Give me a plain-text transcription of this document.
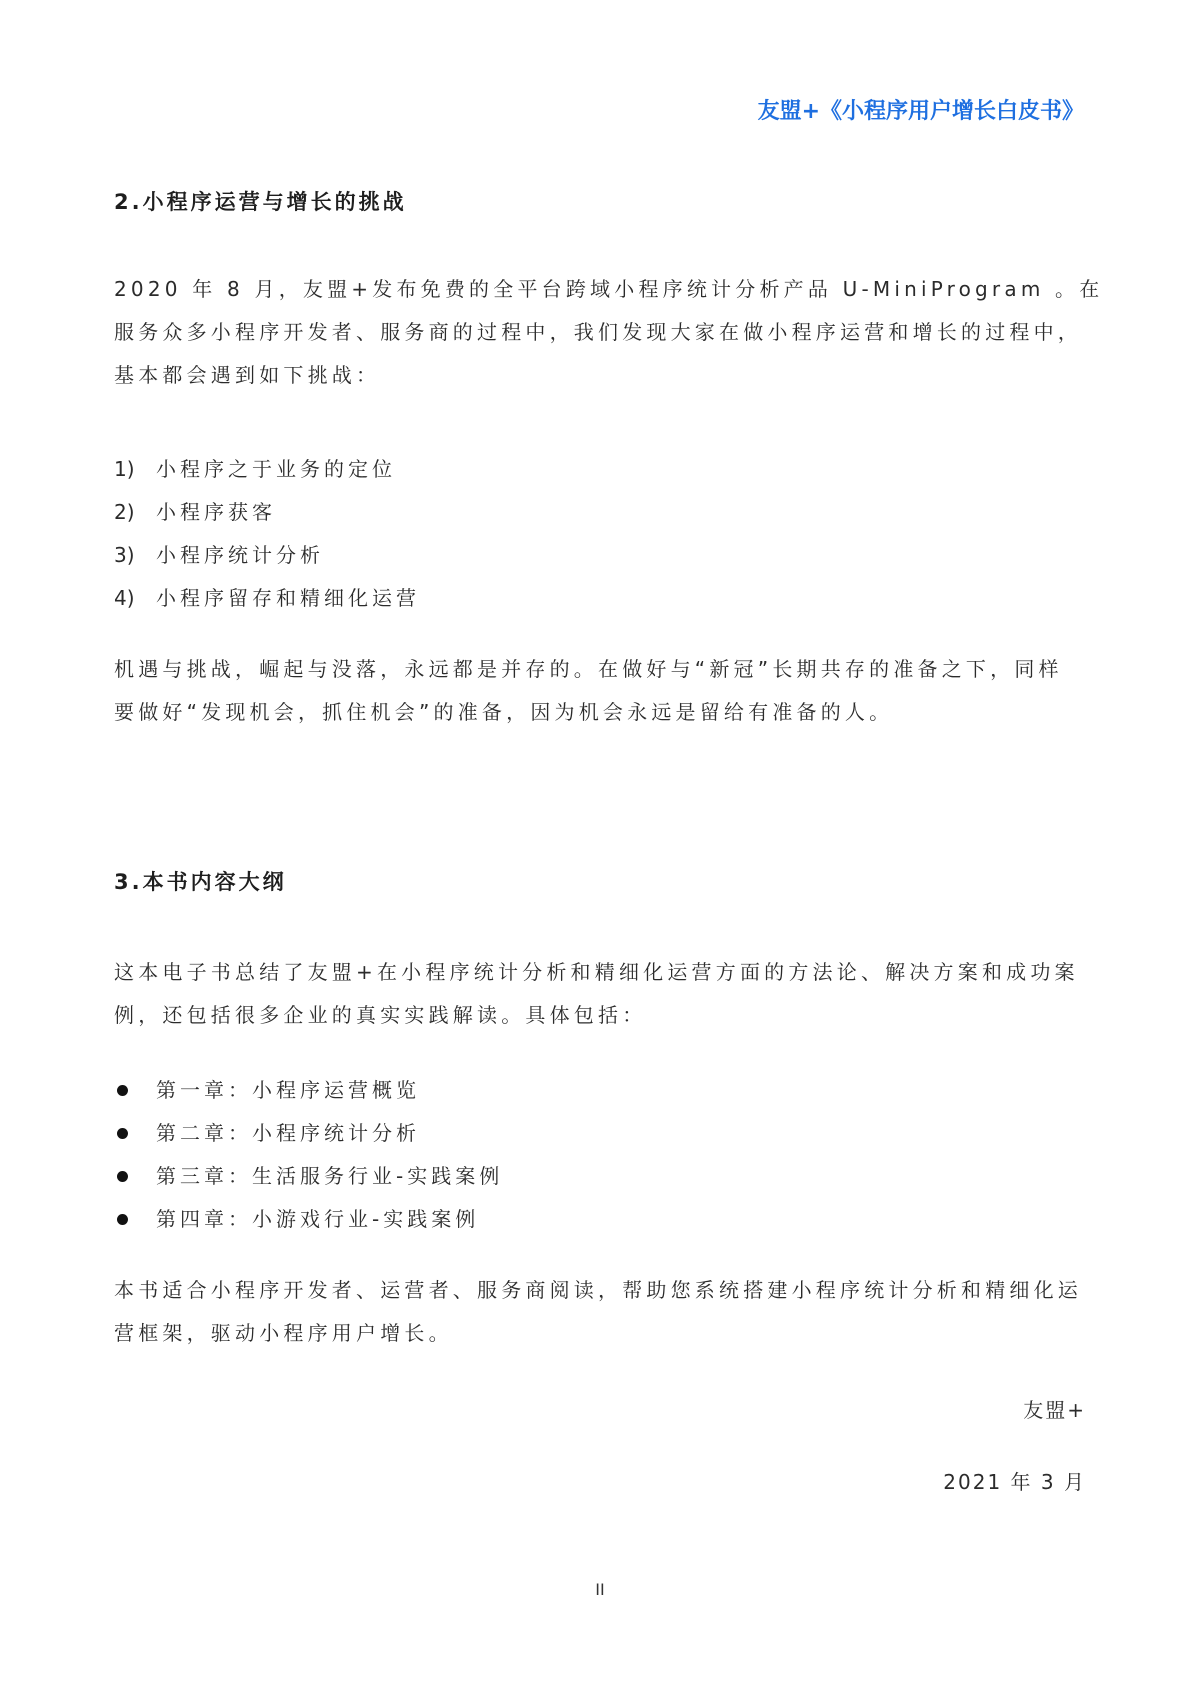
友盟+《小程序用户增长白皮书》
2.小程序运营与增长的挑战
2020 年 8 月，友盟+发布免费的全平台跨域小程序统计分析产品 U-MiniProgram 。在
服务众多小程序开发者、服务商的过程中，我们发现大家在做小程序运营和增长的过程中，
基本都会遇到如下挑战：
1)	小程序之于业务的定位
2)	小程序获客
3)	小程序统计分析
4)	小程序留存和精细化运营
机遇与挑战，崛起与没落，永远都是并存的。在做好与“新冠”长期共存的准备之下，同样
要做好“发现机会，抓住机会”的准备，因为机会永远是留给有准备的人。
3.本书内容大纲
这本电子书总结了友盟+在小程序统计分析和精细化运营方面的方法论、解决方案和成功案
例，还包括很多企业的真实实践解读。具体包括：
第一章：小程序运营概览
第二章：小程序统计分析
第三章：生活服务行业-实践案例
第四章：小游戏行业-实践案例
本书适合小程序开发者、运营者、服务商阅读，帮助您系统搭建小程序统计分析和精细化运
营框架，驱动小程序用户增长。
友盟+
2021 年 3 月
II
